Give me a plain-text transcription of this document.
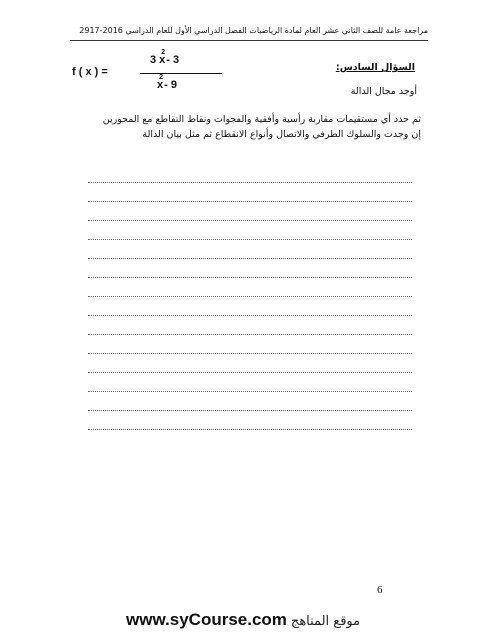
مراجعة عامة للصف الثاني عشر العام لمادة الرياضيات الفصل الدراسي الأول للعام الدراسي 2016-2917
f ( x ) =
3 $x^2 - 3$
$x^2 - 9$
السؤال السادس:
أوجد مجال الدالة
ثم حدد أي مستقيمات مقاربة رأسية وأفقية والفجوات ونقاط التقاطع مع المحورين
إن وجدت والسلوك الطرفي والاتصال وأنواع الانقطاع ثم مثل بيان الدالة
6
www.syCourse.com موقع المناهج
